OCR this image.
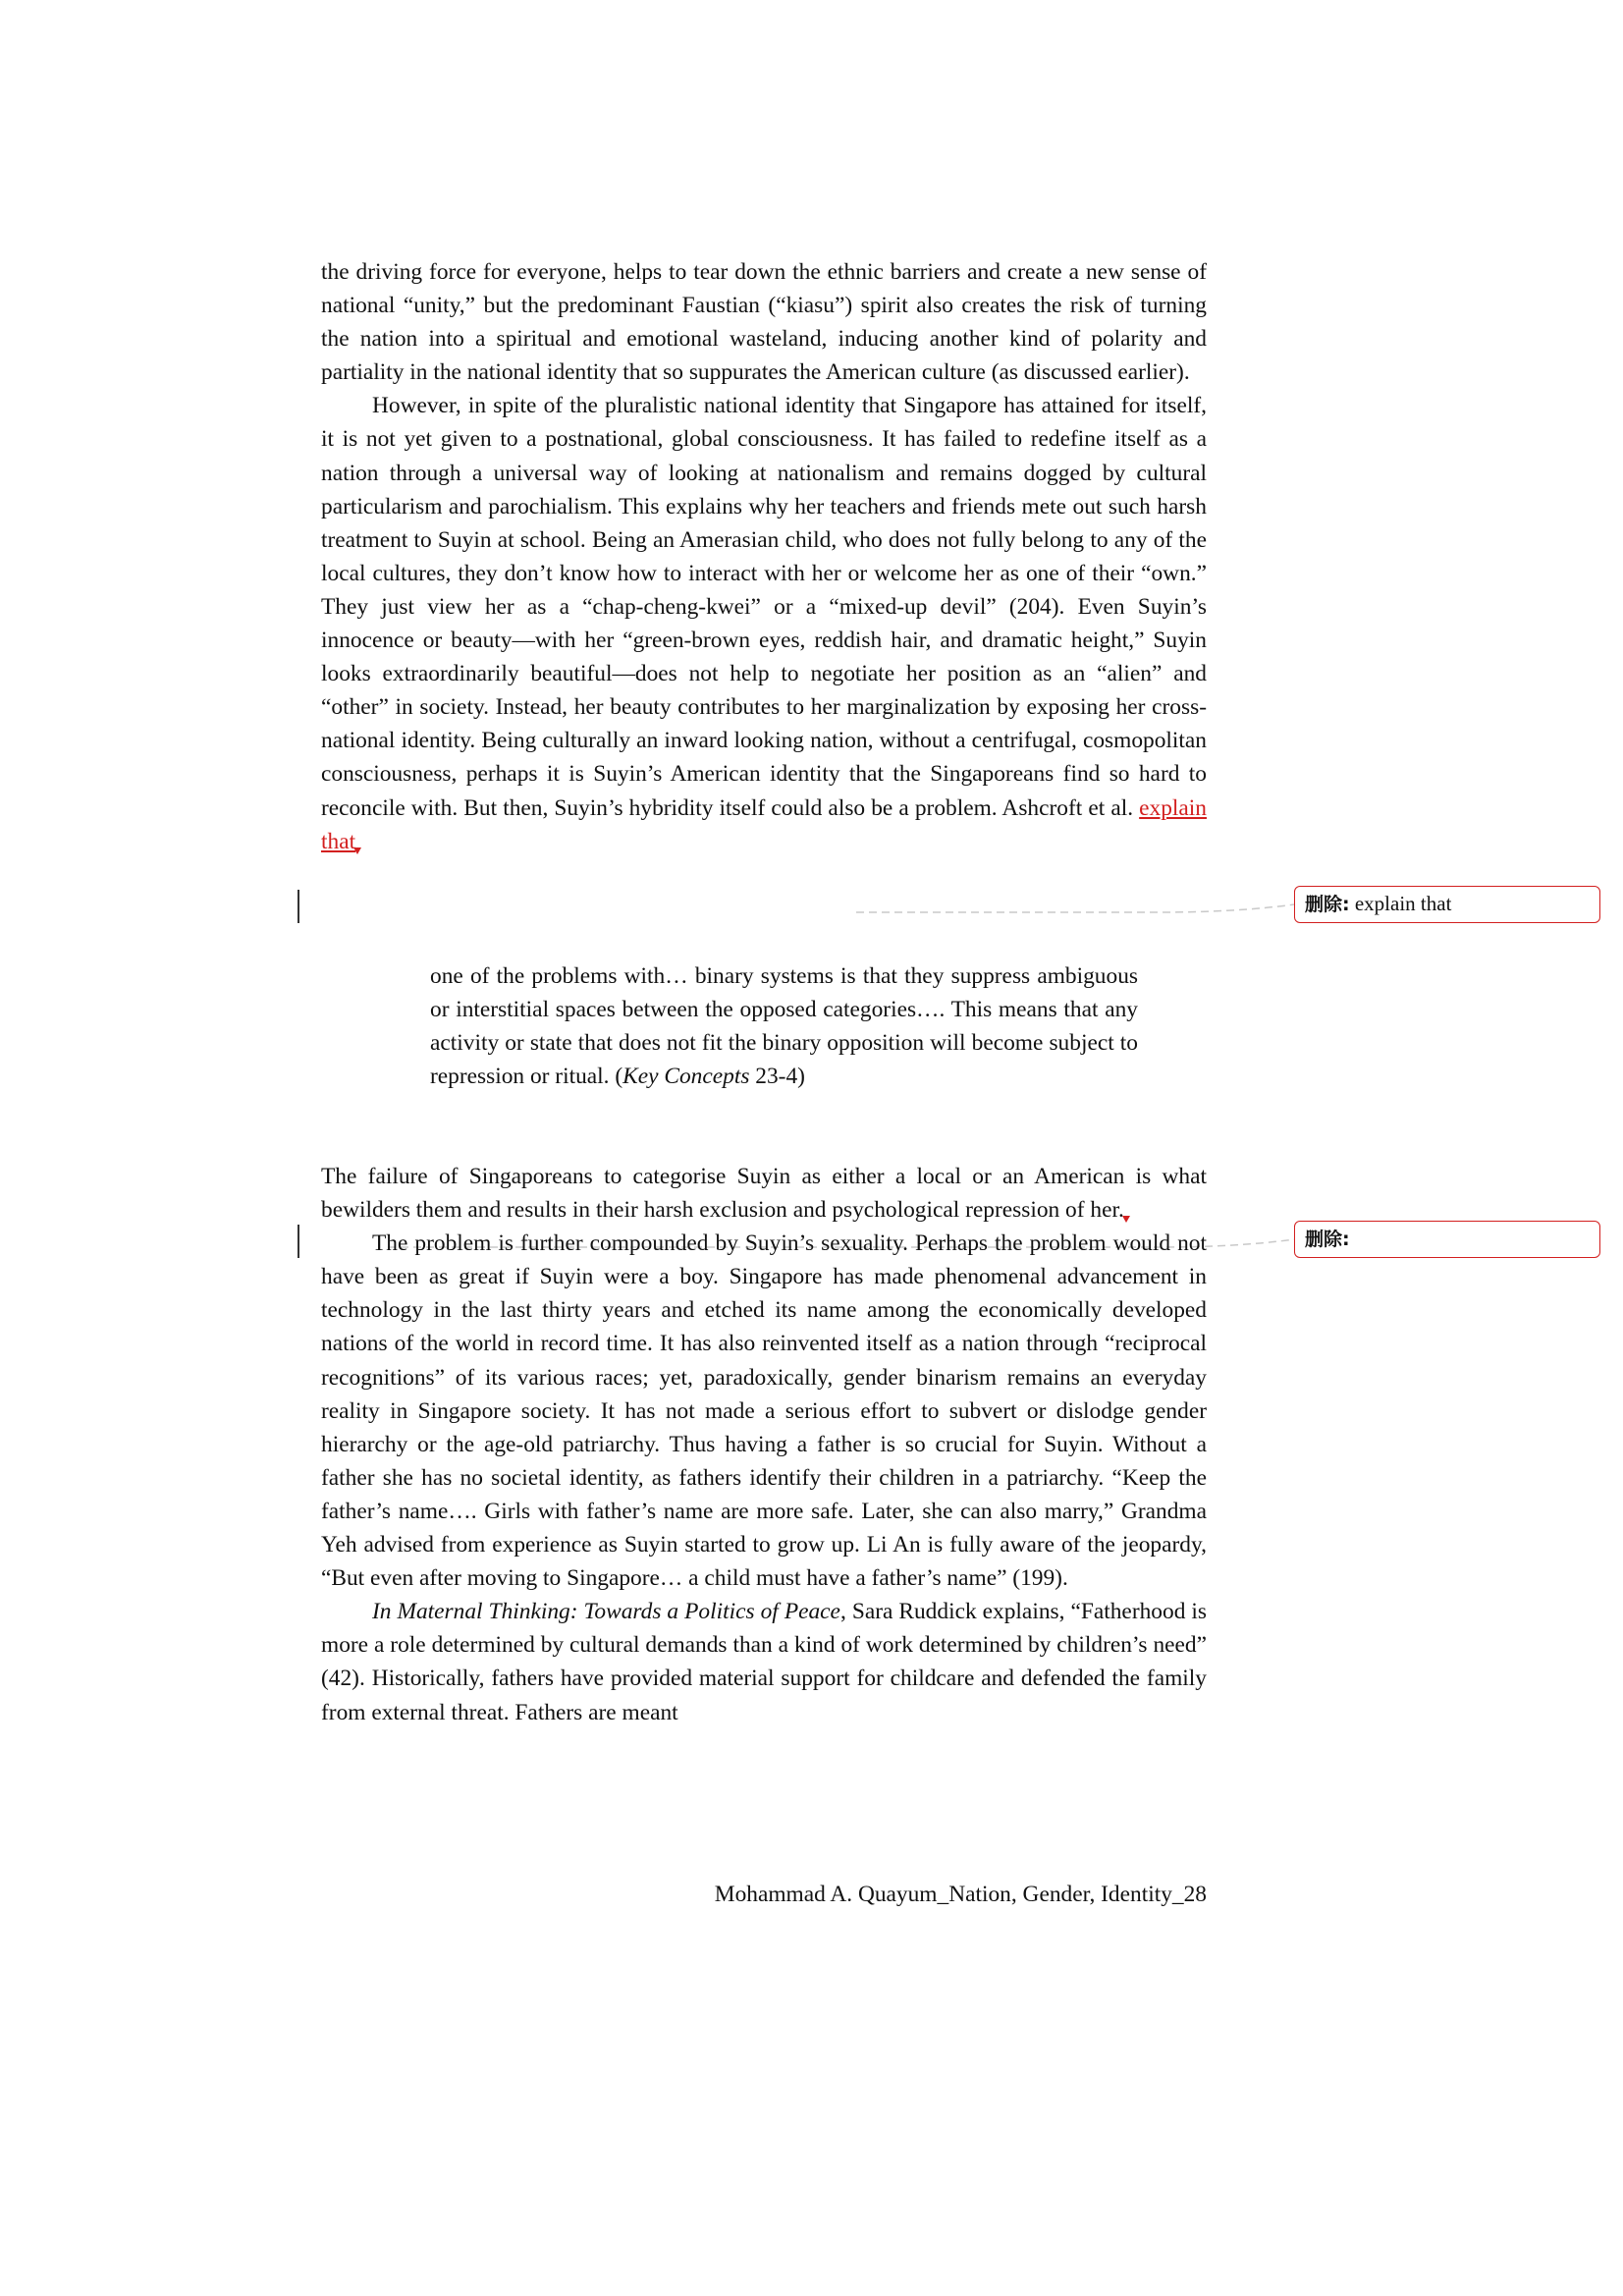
the driving force for everyone, helps to tear down the ethnic barriers and create a new sense of national “unity,” but the predominant Faustian (“kiasu”) spirit also creates the risk of turning the nation into a spiritual and emotional wasteland, inducing another kind of polarity and partiality in the national identity that so suppurates the American culture (as discussed earlier).

However, in spite of the pluralistic national identity that Singapore has attained for itself, it is not yet given to a postnational, global consciousness. It has failed to redefine itself as a nation through a universal way of looking at nationalism and remains dogged by cultural particularism and parochialism. This explains why her teachers and friends mete out such harsh treatment to Suyin at school. Being an Amerasian child, who does not fully belong to any of the local cultures, they don’t know how to interact with her or welcome her as one of their “own.” They just view her as a “chap-cheng-kwei” or a “mixed-up devil” (204). Even Suyin’s innocence or beauty—with her “green-brown eyes, reddish hair, and dramatic height,” Suyin looks extraordinarily beautiful—does not help to negotiate her position as an “alien” and “other” in society. Instead, her beauty contributes to her marginalization by exposing her cross-national identity. Being culturally an inward looking nation, without a centrifugal, cosmopolitan consciousness, perhaps it is Suyin’s American identity that the Singaporeans find so hard to reconcile with. But then, Suyin’s hybridity itself could also be a problem. Ashcroft et al. explain that

one of the problems with… binary systems is that they suppress ambiguous or interstitial spaces between the opposed categories…. This means that any activity or state that does not fit the binary opposition will become subject to repression or ritual. (Key Concepts 23-4)

The failure of Singaporeans to categorise Suyin as either a local or an American is what bewilders them and results in their harsh exclusion and psychological repression of her.

The problem is further compounded by Suyin’s sexuality. Perhaps the problem would not have been as great if Suyin were a boy. Singapore has made phenomenal advancement in technology in the last thirty years and etched its name among the economically developed nations of the world in record time. It has also reinvented itself as a nation through “reciprocal recognitions” of its various races; yet, paradoxically, gender binarism remains an everyday reality in Singapore society. It has not made a serious effort to subvert or dislodge gender hierarchy or the age-old patriarchy. Thus having a father is so crucial for Suyin. Without a father she has no societal identity, as fathers identify their children in a patriarchy. “Keep the father’s name…. Girls with father’s name are more safe. Later, she can also marry,” Grandma Yeh advised from experience as Suyin started to grow up. Li An is fully aware of the jeopardy, “But even after moving to Singapore… a child must have a father’s name” (199).

In Maternal Thinking: Towards a Politics of Peace, Sara Ruddick explains, “Fatherhood is more a role determined by cultural demands than a kind of work determined by children’s need” (42). Historically, fathers have provided material support for childcare and defended the family from external threat. Fathers are meant

删除: explain that
删除:
Mohammad A. Quayum_Nation, Gender, Identity_28
